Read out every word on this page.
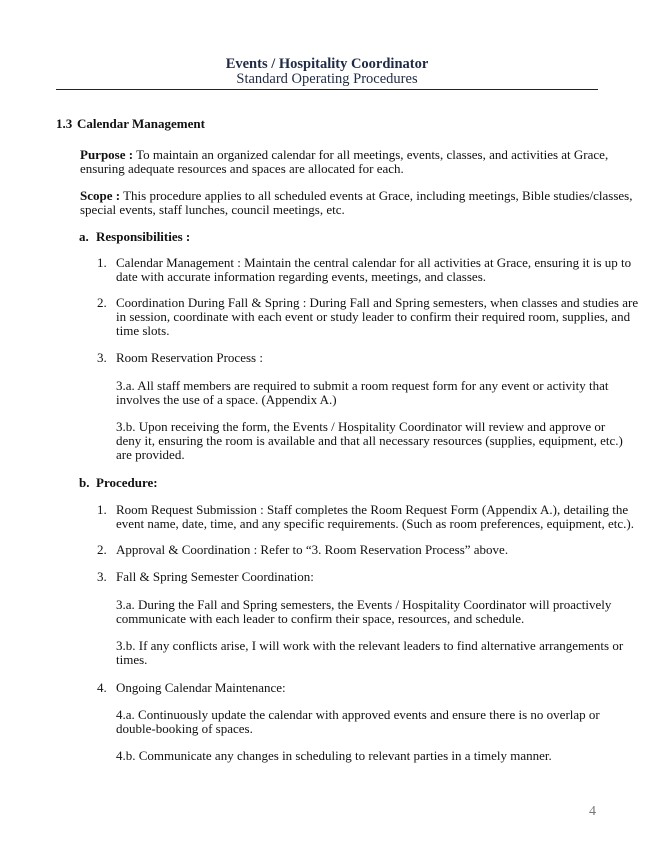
Events / Hospitality Coordinator
Standard Operating Procedures
1.3 Calendar Management
Purpose : To maintain an organized calendar for all meetings, events, classes, and activities at Grace,
ensuring adequate resources and spaces are allocated for each.
Scope : This procedure applies to all scheduled events at Grace, including meetings, Bible studies/classes,
special events, staff lunches, council meetings, etc.
a. Responsibilities :
b. Procedure:
1. Calendar Management : Maintain the central calendar for all activities at Grace, ensuring it is up to
date with accurate information regarding events, meetings, and classes.
2. Coordination During Fall & Spring : During Fall and Spring semesters, when classes and studies are
in session, coordinate with each event or study leader to confirm their required room, supplies, and
time slots.
3. Room Reservation Process :
3.a. All staff members are required to submit a room request form for any event or activity that
involves the use of a space. (Appendix A.)
3.b. Upon receiving the form, the Events / Hospitality Coordinator will review and approve or
deny it, ensuring the room is available and that all necessary resources (supplies, equipment, etc.)
are provided.
1. Room Request Submission : Staff completes the Room Request Form (Appendix A.), detailing the
event name, date, time, and any specific requirements. (Such as room preferences, equipment, etc.).
2. Approval & Coordination : Refer to “3. Room Reservation Process” above.
3. Fall & Spring Semester Coordination:
3.a. During the Fall and Spring semesters, the Events / Hospitality Coordinator will proactively
communicate with each leader to confirm their space, resources, and schedule.
3.b. If any conflicts arise, I will work with the relevant leaders to find alternative arrangements or
times.
4. Ongoing Calendar Maintenance:
4.a. Continuously update the calendar with approved events and ensure there is no overlap or
double-booking of spaces.
4.b. Communicate any changes in scheduling to relevant parties in a timely manner.
4
